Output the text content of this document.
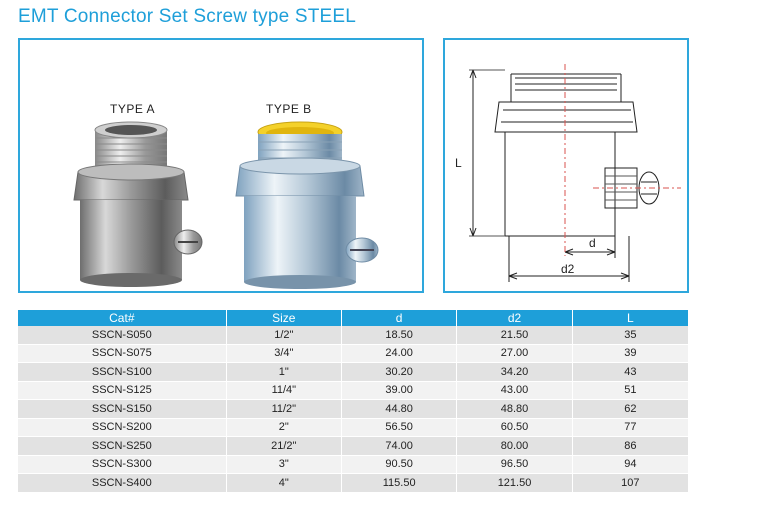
EMT Connector Set Screw type STEEL
TYPE A	TYPE B
L
d
d2
Cat#	Size	d	d2	L
SSCN-S050	1/2"	18.50	21.50	35
SSCN-S075	3/4"	24.00	27.00	39
SSCN-S100	1"	30.20	34.20	43
SSCN-S125	11/4"	39.00	43.00	51
SSCN-S150	11/2"	44.80	48.80	62
SSCN-S200	2"	56.50	60.50	77
SSCN-S250	21/2"	74.00	80.00	86
SSCN-S300	3"	90.50	96.50	94
SSCN-S400	4"	115.50	121.50	107
